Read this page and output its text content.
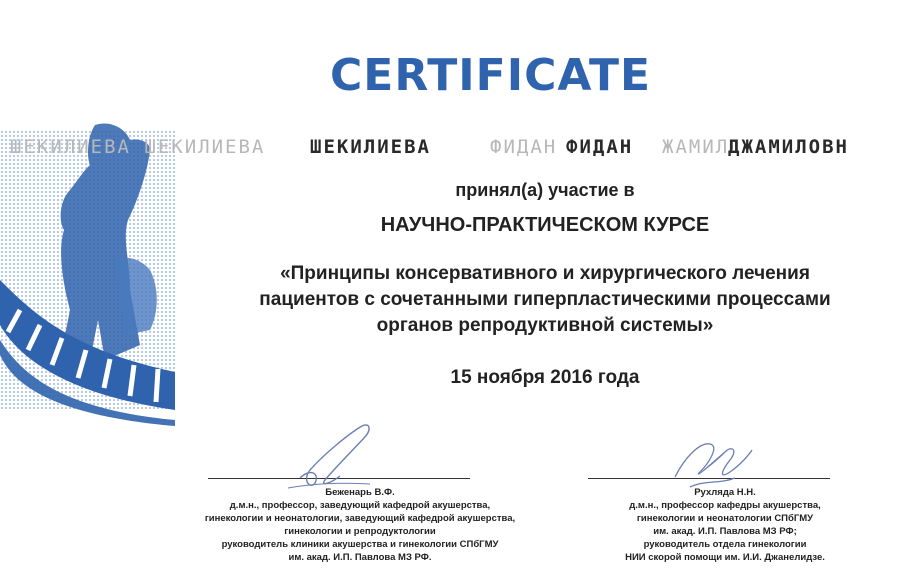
CERTIFICATE
ШЕКИЛИЕВА ШЕКИЛИЕВА ШЕКИЛИЕВА	ФИДАН ФИДАН ЖАМИЛ
ДЖАМИЛОВН
принял(а) участие в
НАУЧНО-ПРАКТИЧЕСКОМ КУРСЕ
«Принципы консервативного и хирургического лечения
пациентов с сочетанными гиперпластическими процессами
органов репродуктивной системы»
15 ноября 2016 года
Беженарь В.Ф.
д.м.н., профессор, заведующий кафедрой акушерства,
гинекологии и неонатологии, заведующий кафедрой акушерства,
гинекологии и репродуктологии
руководитель клиники акушерства и гинекологии СПбГМУ
им. акад. И.П. Павлова МЗ РФ.
Рухляда Н.Н.
д.м.н., профессор кафедры акушерства,
гинекологии и неонатологии СПбГМУ
им. акад. И.П. Павлова МЗ РФ;
руководитель отдела гинекологии
НИИ скорой помощи им. И.И. Джанелидзе.
